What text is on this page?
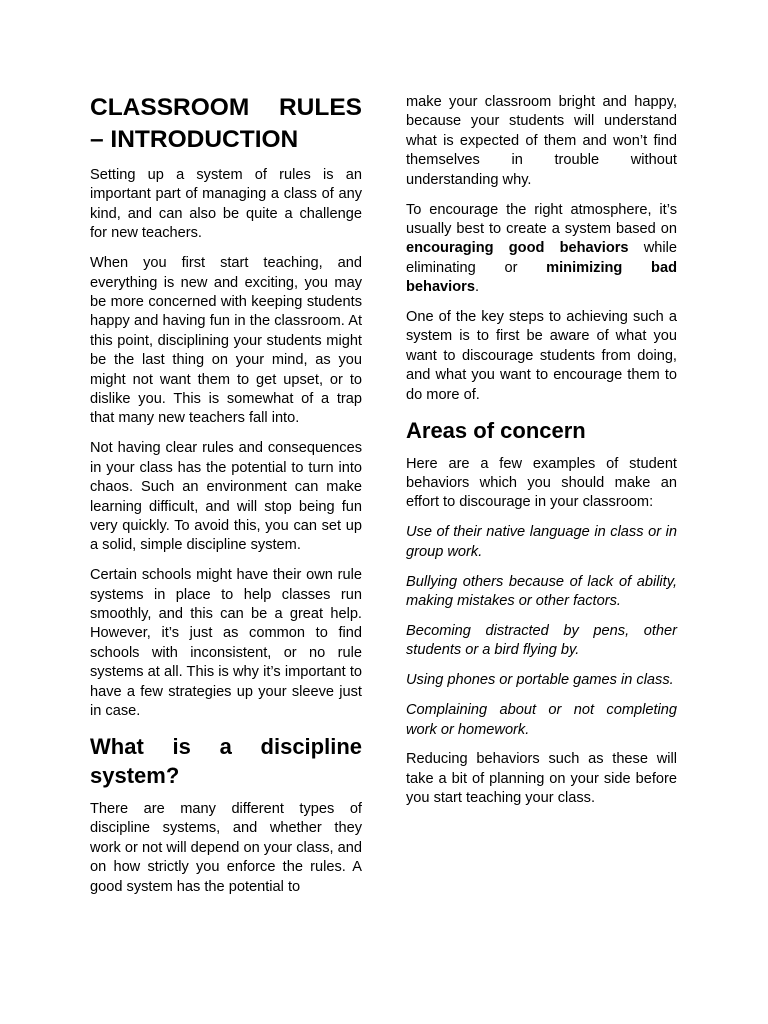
CLASSROOM RULES
– INTRODUCTION

Setting up a system of rules is an important part of managing a class of any kind, and can also be quite a challenge for new teachers.

When you first start teaching, and everything is new and exciting, you may be more concerned with keeping students happy and having fun in the classroom. At this point, disciplining your students might be the last thing on your mind, as you might not want them to get upset, or to dislike you. This is somewhat of a trap that many new teachers fall into.

Not having clear rules and consequences in your class has the potential to turn into chaos. Such an environment can make learning difficult, and will stop being fun very quickly. To avoid this, you can set up a solid, simple discipline system.

Certain schools might have their own rule systems in place to help classes run smoothly, and this can be a great help. However, it’s just as common to find schools with inconsistent, or no rule systems at all. This is why it’s important to have a few strategies up your sleeve just in case.

What is a discipline
system?

There are many different types of discipline systems, and whether they work or not will depend on your class, and on how strictly you enforce the rules. A good system has the potential to

make your classroom bright and happy, because your students will understand what is expected of them and won’t find themselves in trouble without understanding why.

To encourage the right atmosphere, it’s usually best to create a system based on encouraging good behaviors while eliminating or minimizing bad behaviors.

One of the key steps to achieving such a system is to first be aware of what you want to discourage students from doing, and what you want to encourage them to do more of.

Areas of concern

Here are a few examples of student behaviors which you should make an effort to discourage in your classroom:

Use of their native language in class or in group work.

Bullying others because of lack of ability, making mistakes or other factors.

Becoming distracted by pens, other students or a bird flying by.

Using phones or portable games in class.

Complaining about or not completing work or homework.

Reducing behaviors such as these will take a bit of planning on your side before you start teaching your class.
